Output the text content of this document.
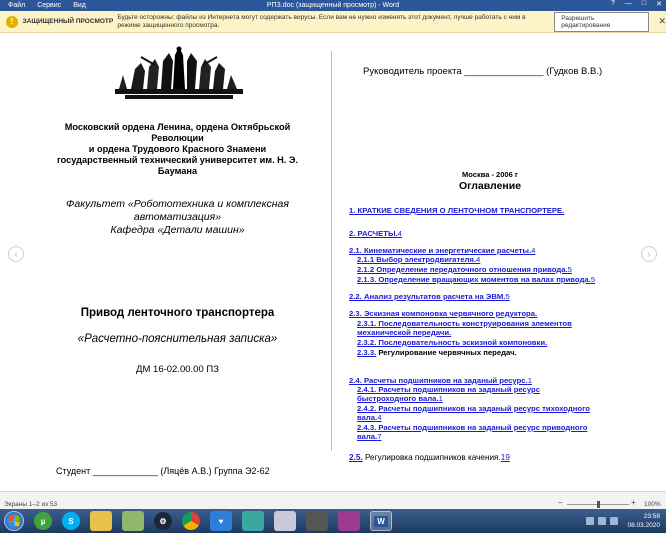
Файл Сервис Вид	РПЗ.doc (защищенный просмотр) - Word	? — □ ✕
!	ЗАЩИЩЕННЫЙ ПРОСМОТР
Будьте осторожны: файлы из Интернета могут содержать вирусы. Если вам не нужно изменять этот документ, лучше работать с ним в режиме защищенного просмотра.
Разрешить редактирование	✕
‹	›
Московский ордена Ленина, ордена Октябрьской
Революции
и ордена Трудового Красного Знамени
государственный технический университет им. Н. Э.
Баумана
Факультет «Робототехника и комплексная
автоматизация»
Кафедра «Детали машин»
Привод ленточного транспортера
«Расчетно-пояснительная записка»
ДМ 16-02.00.00 ПЗ
Студент _____________ (Ляцёв А.В.) Группа Э2-62
Руководитель проекта _______________ (Гудков В.В.)
Москва - 2006 г
Оглавление
1. КРАТКИЕ СВЕДЕНИЯ О ЛЕНТОЧНОМ ТРАНСПОРТЕРЕ.
2. РАСЧЕТЫ.4
2.1. Кинематические и энергетические расчеты.4
2.1.1 Выбор электродвигателя.4
2.1.2 Определение передаточного отношения привода.5
2.1.3. Определение вращающих моментов на валах привода.5
2.2. Анализ результатов расчета на ЭВМ.5
2.3. Эскизная компоновка червячного редуктора.
2.3.1. Последовательность конструирования элементов
механической передачи.
2.3.2. Последовательность эскизной компоновки.
2.3.3. Регулирование червячных передач.
2.4. Расчеты подшипников на заданый ресурс.1
2.4.1. Расчеты подшипников на заданый ресурс
быстроходного вала.1
2.4.2. Расчеты подшипников на заданый ресурс тихоходного
вала.4
2.4.3. Расчеты подшипников на заданый ресурс приводного
вала.7
2.5. Регулировка подшипников качения.19
Экраны 1–2 из 53	−	+ 100%
µ	S	⚙	♥	W	23:58
08.03.2020
